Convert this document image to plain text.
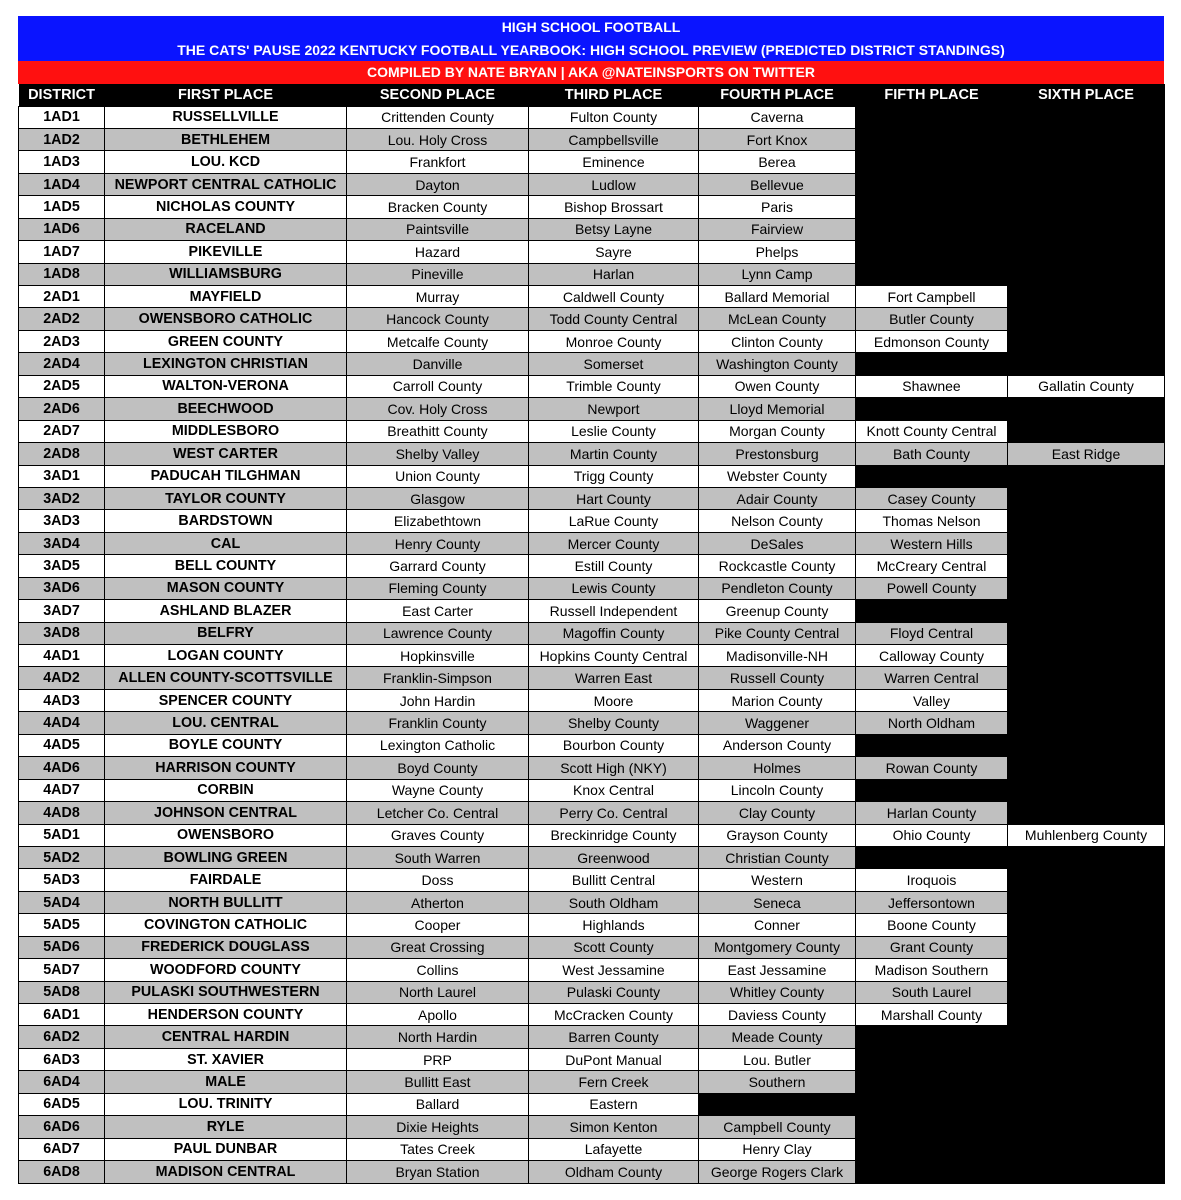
HIGH SCHOOL FOOTBALL
THE CATS' PAUSE 2022 KENTUCKY FOOTBALL YEARBOOK: HIGH SCHOOL PREVIEW (PREDICTED DISTRICT STANDINGS)
COMPILED BY NATE BRYAN | AKA @NATEINSPORTS ON TWITTER
DISTRICT	FIRST PLACE	SECOND PLACE	THIRD PLACE	FOURTH PLACE	FIFTH PLACE	SIXTH PLACE
1AD1	RUSSELLVILLE	Crittenden County	Fulton County	Caverna		
1AD2	BETHLEHEM	Lou. Holy Cross	Campbellsville	Fort Knox		
1AD3	LOU. KCD	Frankfort	Eminence	Berea		
1AD4	NEWPORT CENTRAL CATHOLIC	Dayton	Ludlow	Bellevue		
1AD5	NICHOLAS COUNTY	Bracken County	Bishop Brossart	Paris		
1AD6	RACELAND	Paintsville	Betsy Layne	Fairview		
1AD7	PIKEVILLE	Hazard	Sayre	Phelps		
1AD8	WILLIAMSBURG	Pineville	Harlan	Lynn Camp		
2AD1	MAYFIELD	Murray	Caldwell County	Ballard Memorial	Fort Campbell	
2AD2	OWENSBORO CATHOLIC	Hancock County	Todd County Central	McLean County	Butler County	
2AD3	GREEN COUNTY	Metcalfe County	Monroe County	Clinton County	Edmonson County	
2AD4	LEXINGTON CHRISTIAN	Danville	Somerset	Washington County		
2AD5	WALTON-VERONA	Carroll County	Trimble County	Owen County	Shawnee	Gallatin County
2AD6	BEECHWOOD	Cov. Holy Cross	Newport	Lloyd Memorial		
2AD7	MIDDLESBORO	Breathitt County	Leslie County	Morgan County	Knott County Central	
2AD8	WEST CARTER	Shelby Valley	Martin County	Prestonsburg	Bath County	East Ridge
3AD1	PADUCAH TILGHMAN	Union County	Trigg County	Webster County		
3AD2	TAYLOR COUNTY	Glasgow	Hart County	Adair County	Casey County	
3AD3	BARDSTOWN	Elizabethtown	LaRue County	Nelson County	Thomas Nelson	
3AD4	CAL	Henry County	Mercer County	DeSales	Western Hills	
3AD5	BELL COUNTY	Garrard County	Estill County	Rockcastle County	McCreary Central	
3AD6	MASON COUNTY	Fleming County	Lewis County	Pendleton County	Powell County	
3AD7	ASHLAND BLAZER	East Carter	Russell Independent	Greenup County		
3AD8	BELFRY	Lawrence County	Magoffin County	Pike County Central	Floyd Central	
4AD1	LOGAN COUNTY	Hopkinsville	Hopkins County Central	Madisonville-NH	Calloway County	
4AD2	ALLEN COUNTY-SCOTTSVILLE	Franklin-Simpson	Warren East	Russell County	Warren Central	
4AD3	SPENCER COUNTY	John Hardin	Moore	Marion County	Valley	
4AD4	LOU. CENTRAL	Franklin County	Shelby County	Waggener	North Oldham	
4AD5	BOYLE COUNTY	Lexington Catholic	Bourbon County	Anderson County		
4AD6	HARRISON COUNTY	Boyd County	Scott High (NKY)	Holmes	Rowan County	
4AD7	CORBIN	Wayne County	Knox Central	Lincoln County		
4AD8	JOHNSON CENTRAL	Letcher Co. Central	Perry Co. Central	Clay County	Harlan County	
5AD1	OWENSBORO	Graves County	Breckinridge County	Grayson County	Ohio County	Muhlenberg County
5AD2	BOWLING GREEN	South Warren	Greenwood	Christian County		
5AD3	FAIRDALE	Doss	Bullitt Central	Western	Iroquois	
5AD4	NORTH BULLITT	Atherton	South Oldham	Seneca	Jeffersontown	
5AD5	COVINGTON CATHOLIC	Cooper	Highlands	Conner	Boone County	
5AD6	FREDERICK DOUGLASS	Great Crossing	Scott County	Montgomery County	Grant County	
5AD7	WOODFORD COUNTY	Collins	West Jessamine	East Jessamine	Madison Southern	
5AD8	PULASKI SOUTHWESTERN	North Laurel	Pulaski County	Whitley County	South Laurel	
6AD1	HENDERSON COUNTY	Apollo	McCracken County	Daviess County	Marshall County	
6AD2	CENTRAL HARDIN	North Hardin	Barren County	Meade County		
6AD3	ST. XAVIER	PRP	DuPont Manual	Lou. Butler		
6AD4	MALE	Bullitt East	Fern Creek	Southern		
6AD5	LOU. TRINITY	Ballard	Eastern			
6AD6	RYLE	Dixie Heights	Simon Kenton	Campbell County		
6AD7	PAUL DUNBAR	Tates Creek	Lafayette	Henry Clay		
6AD8	MADISON CENTRAL	Bryan Station	Oldham County	George Rogers Clark		
